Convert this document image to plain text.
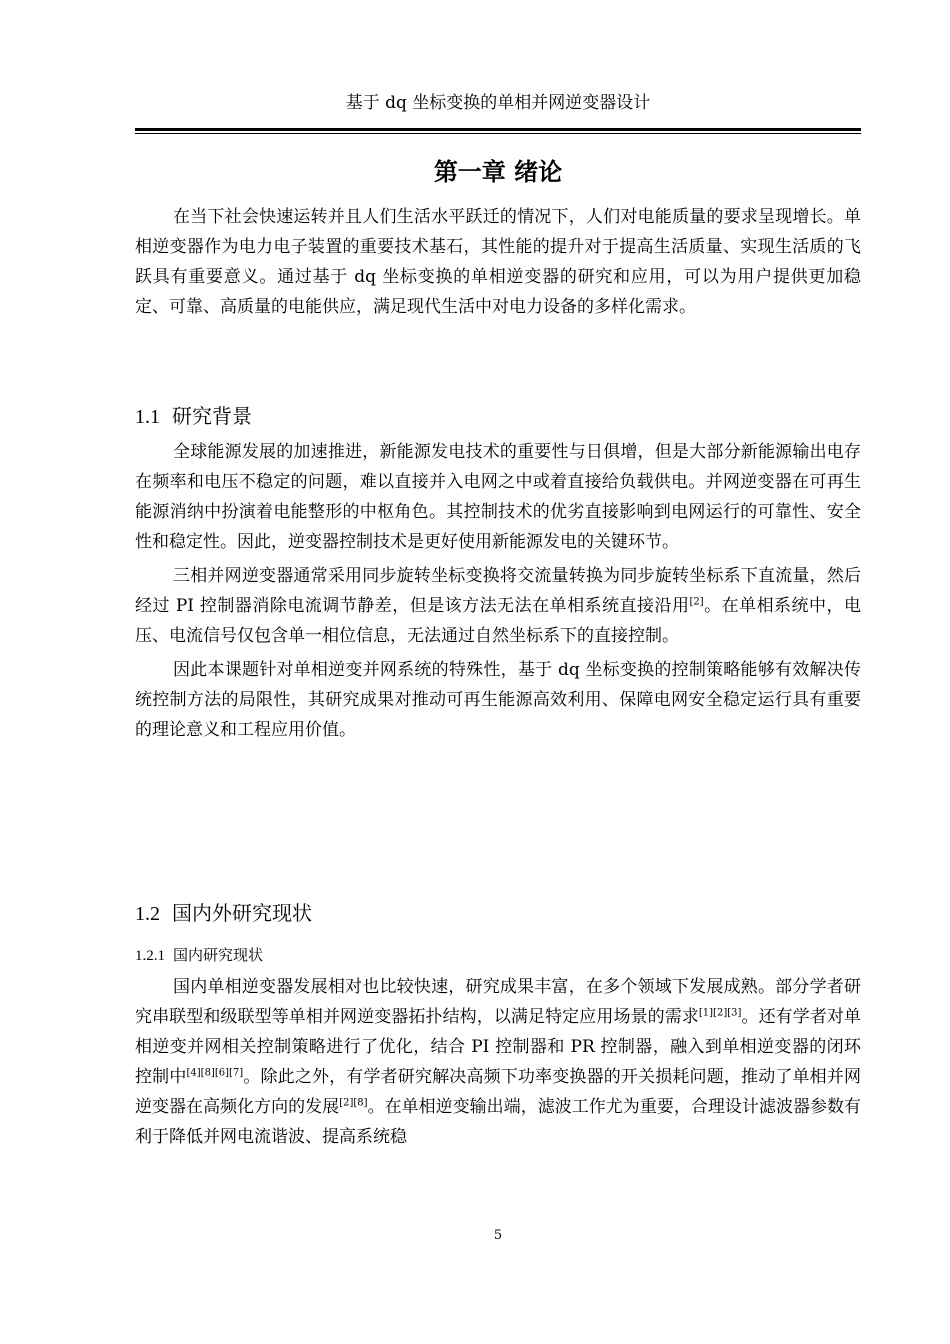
基于 dq 坐标变换的单相并网逆变器设计
第一章 绪论

在当下社会快速运转并且人们生活水平跃迁的情况下，人们对电能质量的要求呈现增长。单相逆变器作为电力电子装置的重要技术基石，其性能的提升对于提高生活质量、实现生活质的飞跃具有重要意义。通过基于 dq 坐标变换的单相逆变器的研究和应用，可以为用户提供更加稳定、可靠、高质量的电能供应，满足现代生活中对电力设备的多样化需求。

1.1 研究背景

全球能源发展的加速推进，新能源发电技术的重要性与日俱增，但是大部分新能源输出电存在频率和电压不稳定的问题，难以直接并入电网之中或着直接给负载供电。并网逆变器在可再生能源消纳中扮演着电能整形的中枢角色。其控制技术的优劣直接影响到电网运行的可靠性、安全性和稳定性。因此，逆变器控制技术是更好使用新能源发电的关键环节。

三相并网逆变器通常采用同步旋转坐标变换将交流量转换为同步旋转坐标系下直流量，然后经过 PI 控制器消除电流调节静差，但是该方法无法在单相系统直接沿用[2]。在单相系统中，电压、电流信号仅包含单一相位信息，无法通过自然坐标系下的直接控制。

因此本课题针对单相逆变并网系统的特殊性，基于 dq 坐标变换的控制策略能够有效解决传统控制方法的局限性，其研究成果对推动可再生能源高效利用、保障电网安全稳定运行具有重要的理论意义和工程应用价值。

1.2 国内外研究现状
1.2.1 国内研究现状

国内单相逆变器发展相对也比较快速，研究成果丰富，在多个领域下发展成熟。部分学者研究串联型和级联型等单相并网逆变器拓扑结构，以满足特定应用场景的需求[1][2][3]。还有学者对单相逆变并网相关控制策略进行了优化，结合 PI 控制器和 PR 控制器，融入到单相逆变器的闭环控制中[4][8][6][7]。除此之外，有学者研究解决高频下功率变换器的开关损耗问题，推动了单相并网逆变器在高频化方向的发展[2][8]。在单相逆变输出端，滤波工作尤为重要，合理设计滤波器参数有利于降低并网电流谐波、提高系统稳

5
